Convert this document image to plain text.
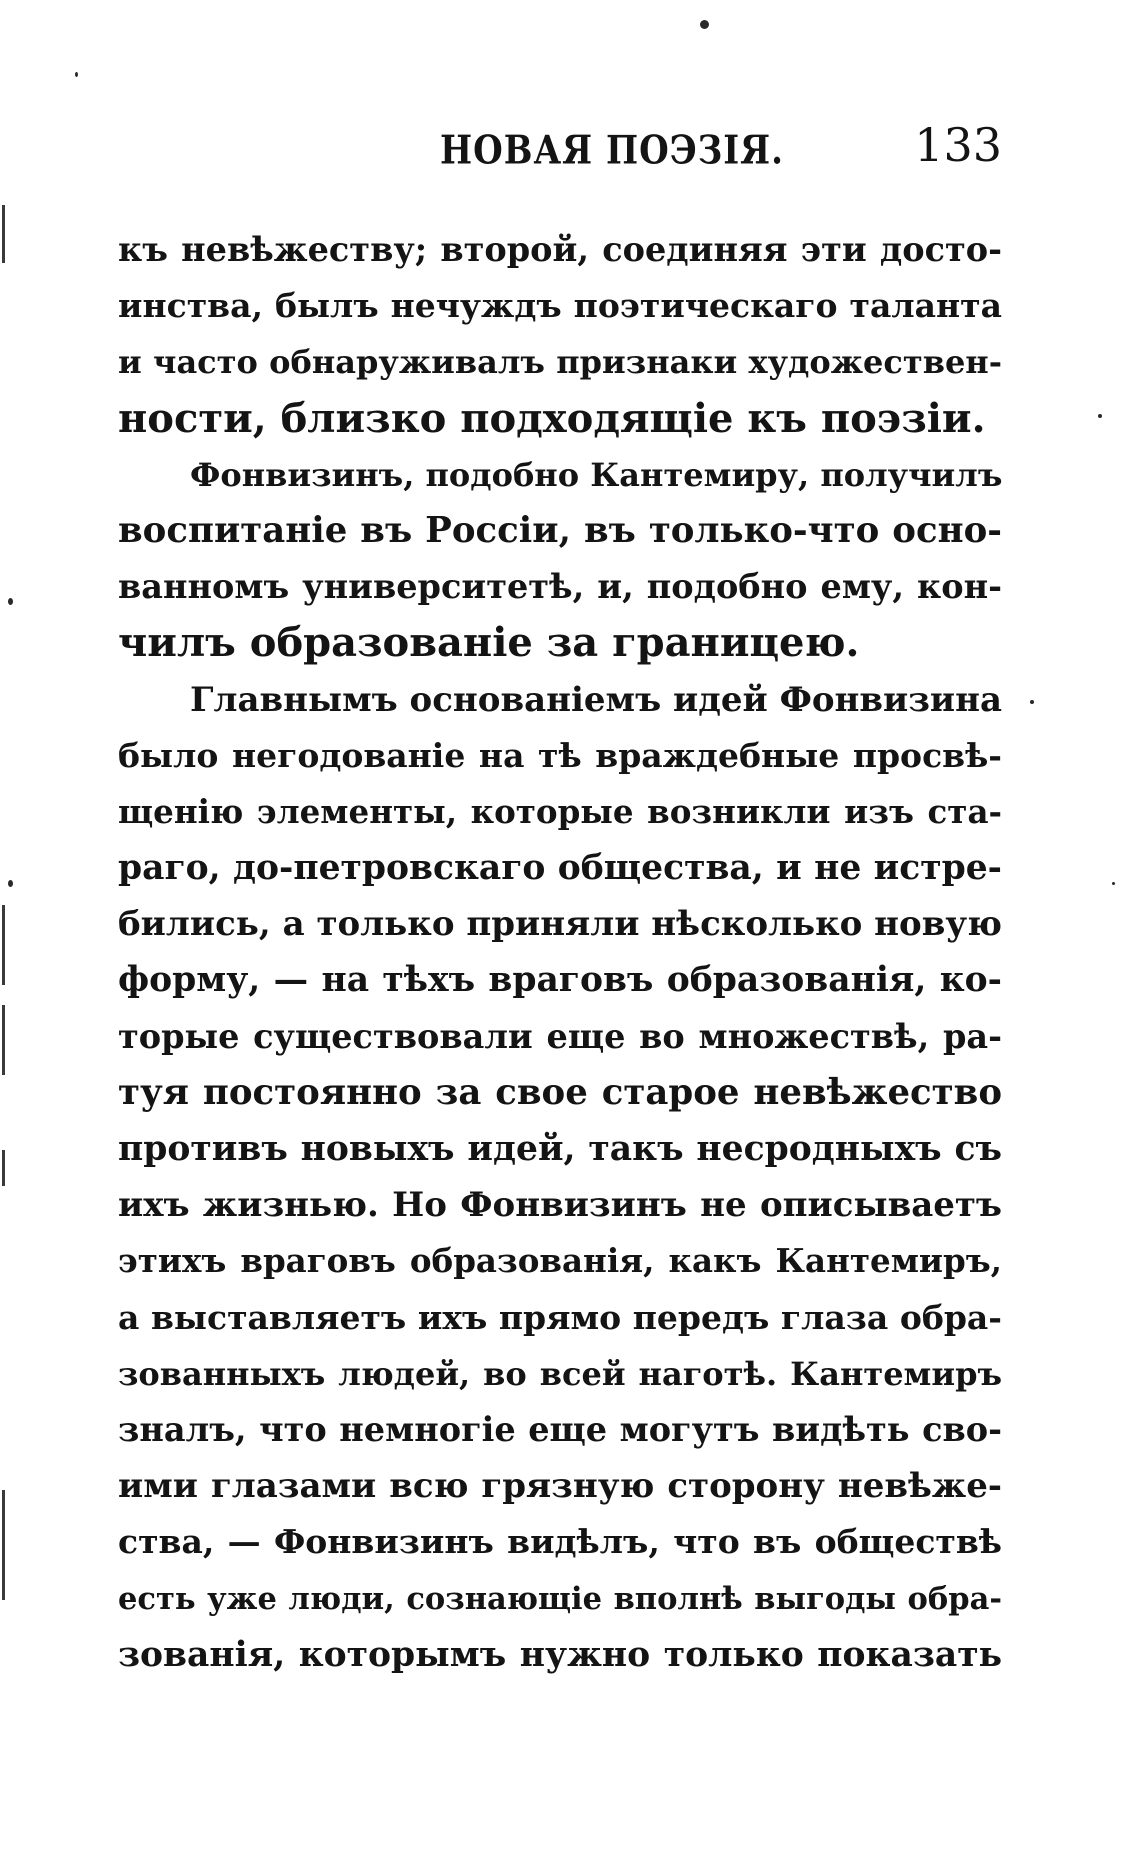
НОВАЯ ПОЭЗІЯ.	133
къ невѣжеству; второй, соединяя эти досто-
инства, былъ нечуждъ поэтическаго таланта
и часто обнаруживалъ признаки художествен-
ности, близко подходящіе къ поэзіи.
Фонвизинъ, подобно Кантемиру, получилъ
воспитаніе въ Россіи, въ только-что осно-
ванномъ университетѣ, и, подобно ему, кон-
чилъ образованіе за границею.
Главнымъ основаніемъ идей Фонвизина
было негодованіе на тѣ враждебные просвѣ-
щенію элементы, которые возникли изъ ста-
раго, до-петровскаго общества, и не истре-
бились, а только приняли нѣсколько новую
форму, — на тѣхъ враговъ образованія, ко-
торые существовали еще во множествѣ, ра-
туя постоянно за свое старое невѣжество
противъ новыхъ идей, такъ несродныхъ съ
ихъ жизнью. Но Фонвизинъ не описываетъ
этихъ враговъ образованія, какъ Кантемиръ,
а выставляетъ ихъ прямо передъ глаза обра-
зованныхъ людей, во всей наготѣ. Кантемиръ
зналъ, что немногіе еще могутъ видѣть сво-
ими глазами всю грязную сторону невѣже-
ства, — Фонвизинъ видѣлъ, что въ обществѣ
есть уже люди, сознающіе вполнѣ выгоды обра-
зованія, которымъ нужно только показать
